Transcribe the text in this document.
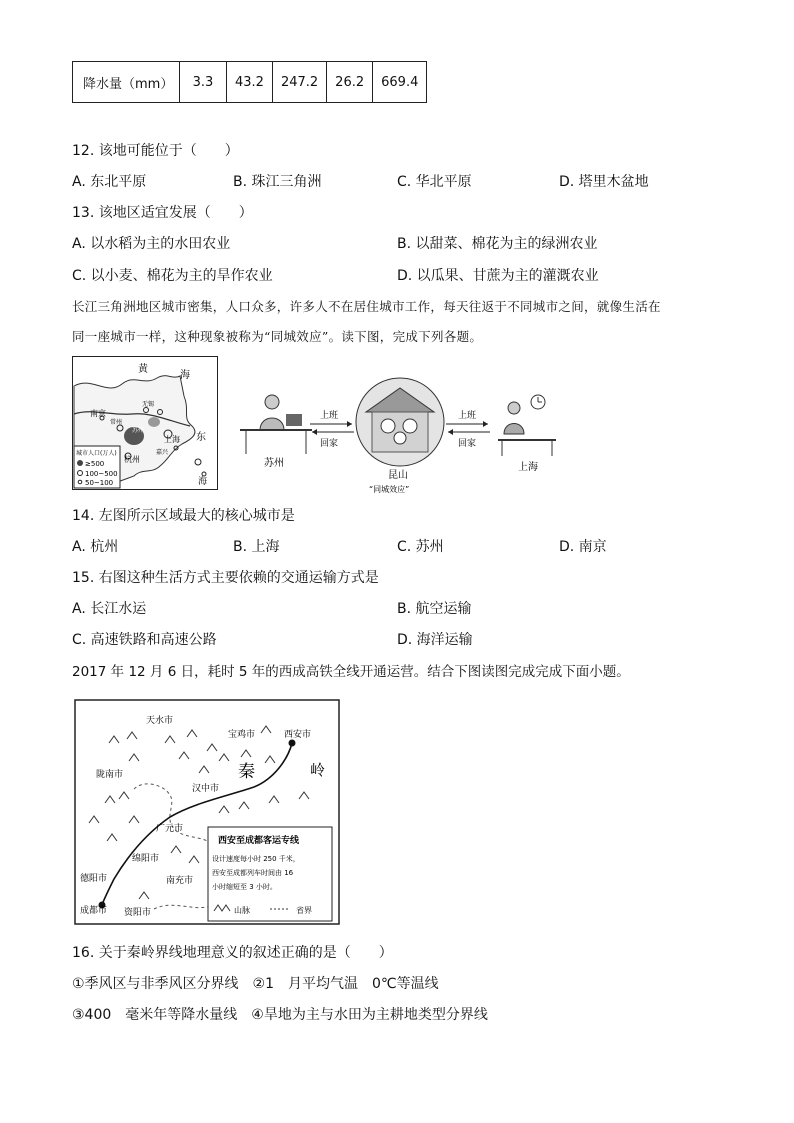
降水量（mm）	3.3	43.2	247.2	26.2	669.4
12. 该地可能位于（　　）
A. 东北平原	B. 珠江三角洲	C. 华北平原	D. 塔里木盆地
13. 该地区适宜发展（　　）
A. 以水稻为主的水田农业	B. 以甜菜、棉花为主的绿洲农业
C. 以小麦、棉花为主的旱作农业	D. 以瓜果、甘蔗为主的灌溉农业
长江三角洲地区城市密集，人口众多，许多人不在居住城市工作，每天往返于不同城市之间，就像生活在
同一座城市一样，这种现象被称为“同城效应”。读下图，完成下列各题。
黄
海
东
海
南京
上海
杭州
苏州
无锡
常州
嘉兴
城市人口(万人)
≥500
100~500
50~100
苏州
上班
回家
昆山
“同城效应”
上班
回家
上海
14. 左图所示区域最大的核心城市是
A. 杭州	B. 上海	C. 苏州	D. 南京
15. 右图这种生活方式主要依赖的交通运输方式是
A. 长江水运	B. 航空运输
C. 高速铁路和高速公路	D. 海洋运输
2017 年 12 月 6 日，耗时 5 年的西成高铁全线开通运营。结合下图读图完成完成下面小题。
天水市
宝鸡市	西安市
陇南市
汉中市
广元市
绵阳市
德阳市	南充市
成都市 资阳市
秦	岭
西安至成都客运专线
设计速度每小时 250 千米，
西安至成都列车时间由 16
小时缩短至 3 小时。
山脉	省界
16. 关于秦岭界线地理意义的叙述正确的是（　　）
①季风区与非季风区分界线　②1　月平均气温　0℃等温线
③400　毫米年等降水量线　④旱地为主与水田为主耕地类型分界线
